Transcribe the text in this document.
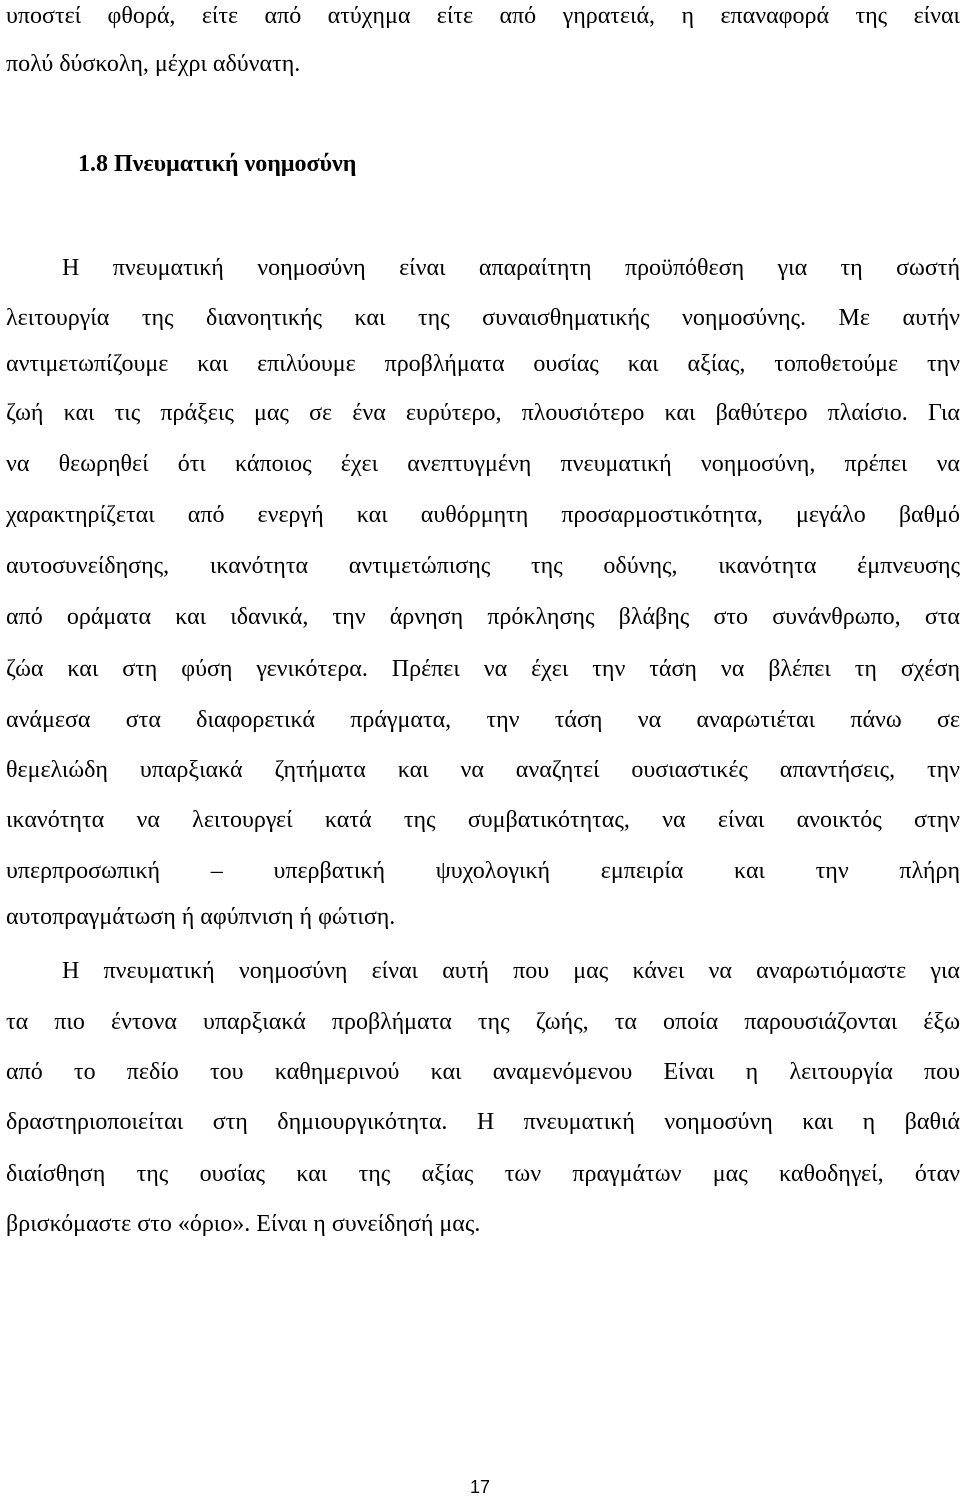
υποστεί φθορά, είτε από ατύχημα είτε από γηρατειά, η επαναφορά της είναι
πολύ δύσκολη, μέχρι αδύνατη.
1.8 Πνευματική νοημοσύνη
Η πνευματική νοημοσύνη είναι απαραίτητη προϋπόθεση για τη σωστή
λειτουργία της διανοητικής και της συναισθηματικής νοημοσύνης. Με αυτήν
αντιμετωπίζουμε και επιλύουμε προβλήματα ουσίας και αξίας, τοποθετούμε την
ζωή και τις πράξεις μας σε ένα ευρύτερο, πλουσιότερο και βαθύτερο πλαίσιο. Για
να θεωρηθεί ότι κάποιος έχει ανεπτυγμένη πνευματική νοημοσύνη, πρέπει να
χαρακτηρίζεται από ενεργή και αυθόρμητη προσαρμοστικότητα, μεγάλο βαθμό
αυτοσυνείδησης, ικανότητα αντιμετώπισης της οδύνης, ικανότητα έμπνευσης
από οράματα και ιδανικά, την άρνηση πρόκλησης βλάβης στο συνάνθρωπο, στα
ζώα και στη φύση γενικότερα. Πρέπει να έχει την τάση να βλέπει τη σχέση
ανάμεσα στα διαφορετικά πράγματα, την τάση να αναρωτιέται πάνω σε
θεμελιώδη υπαρξιακά ζητήματα και να αναζητεί ουσιαστικές απαντήσεις, την
ικανότητα να λειτουργεί κατά της συμβατικότητας, να είναι ανοικτός στην
υπερπροσωπική – υπερβατική ψυχολογική εμπειρία και την πλήρη
αυτοπραγμάτωση ή αφύπνιση ή φώτιση.
Η πνευματική νοημοσύνη είναι αυτή που μας κάνει να αναρωτιόμαστε για
τα πιο έντονα υπαρξιακά προβλήματα της ζωής, τα οποία παρουσιάζονται έξω
από το πεδίο του καθημερινού και αναμενόμενου Είναι η λειτουργία που
δραστηριοποιείται στη δημιουργικότητα. Η πνευματική νοημοσύνη και η βαθιά
διαίσθηση της ουσίας και της αξίας των πραγμάτων μας καθοδηγεί, όταν
βρισκόμαστε στο «όριο». Είναι η συνείδησή μας.
17
